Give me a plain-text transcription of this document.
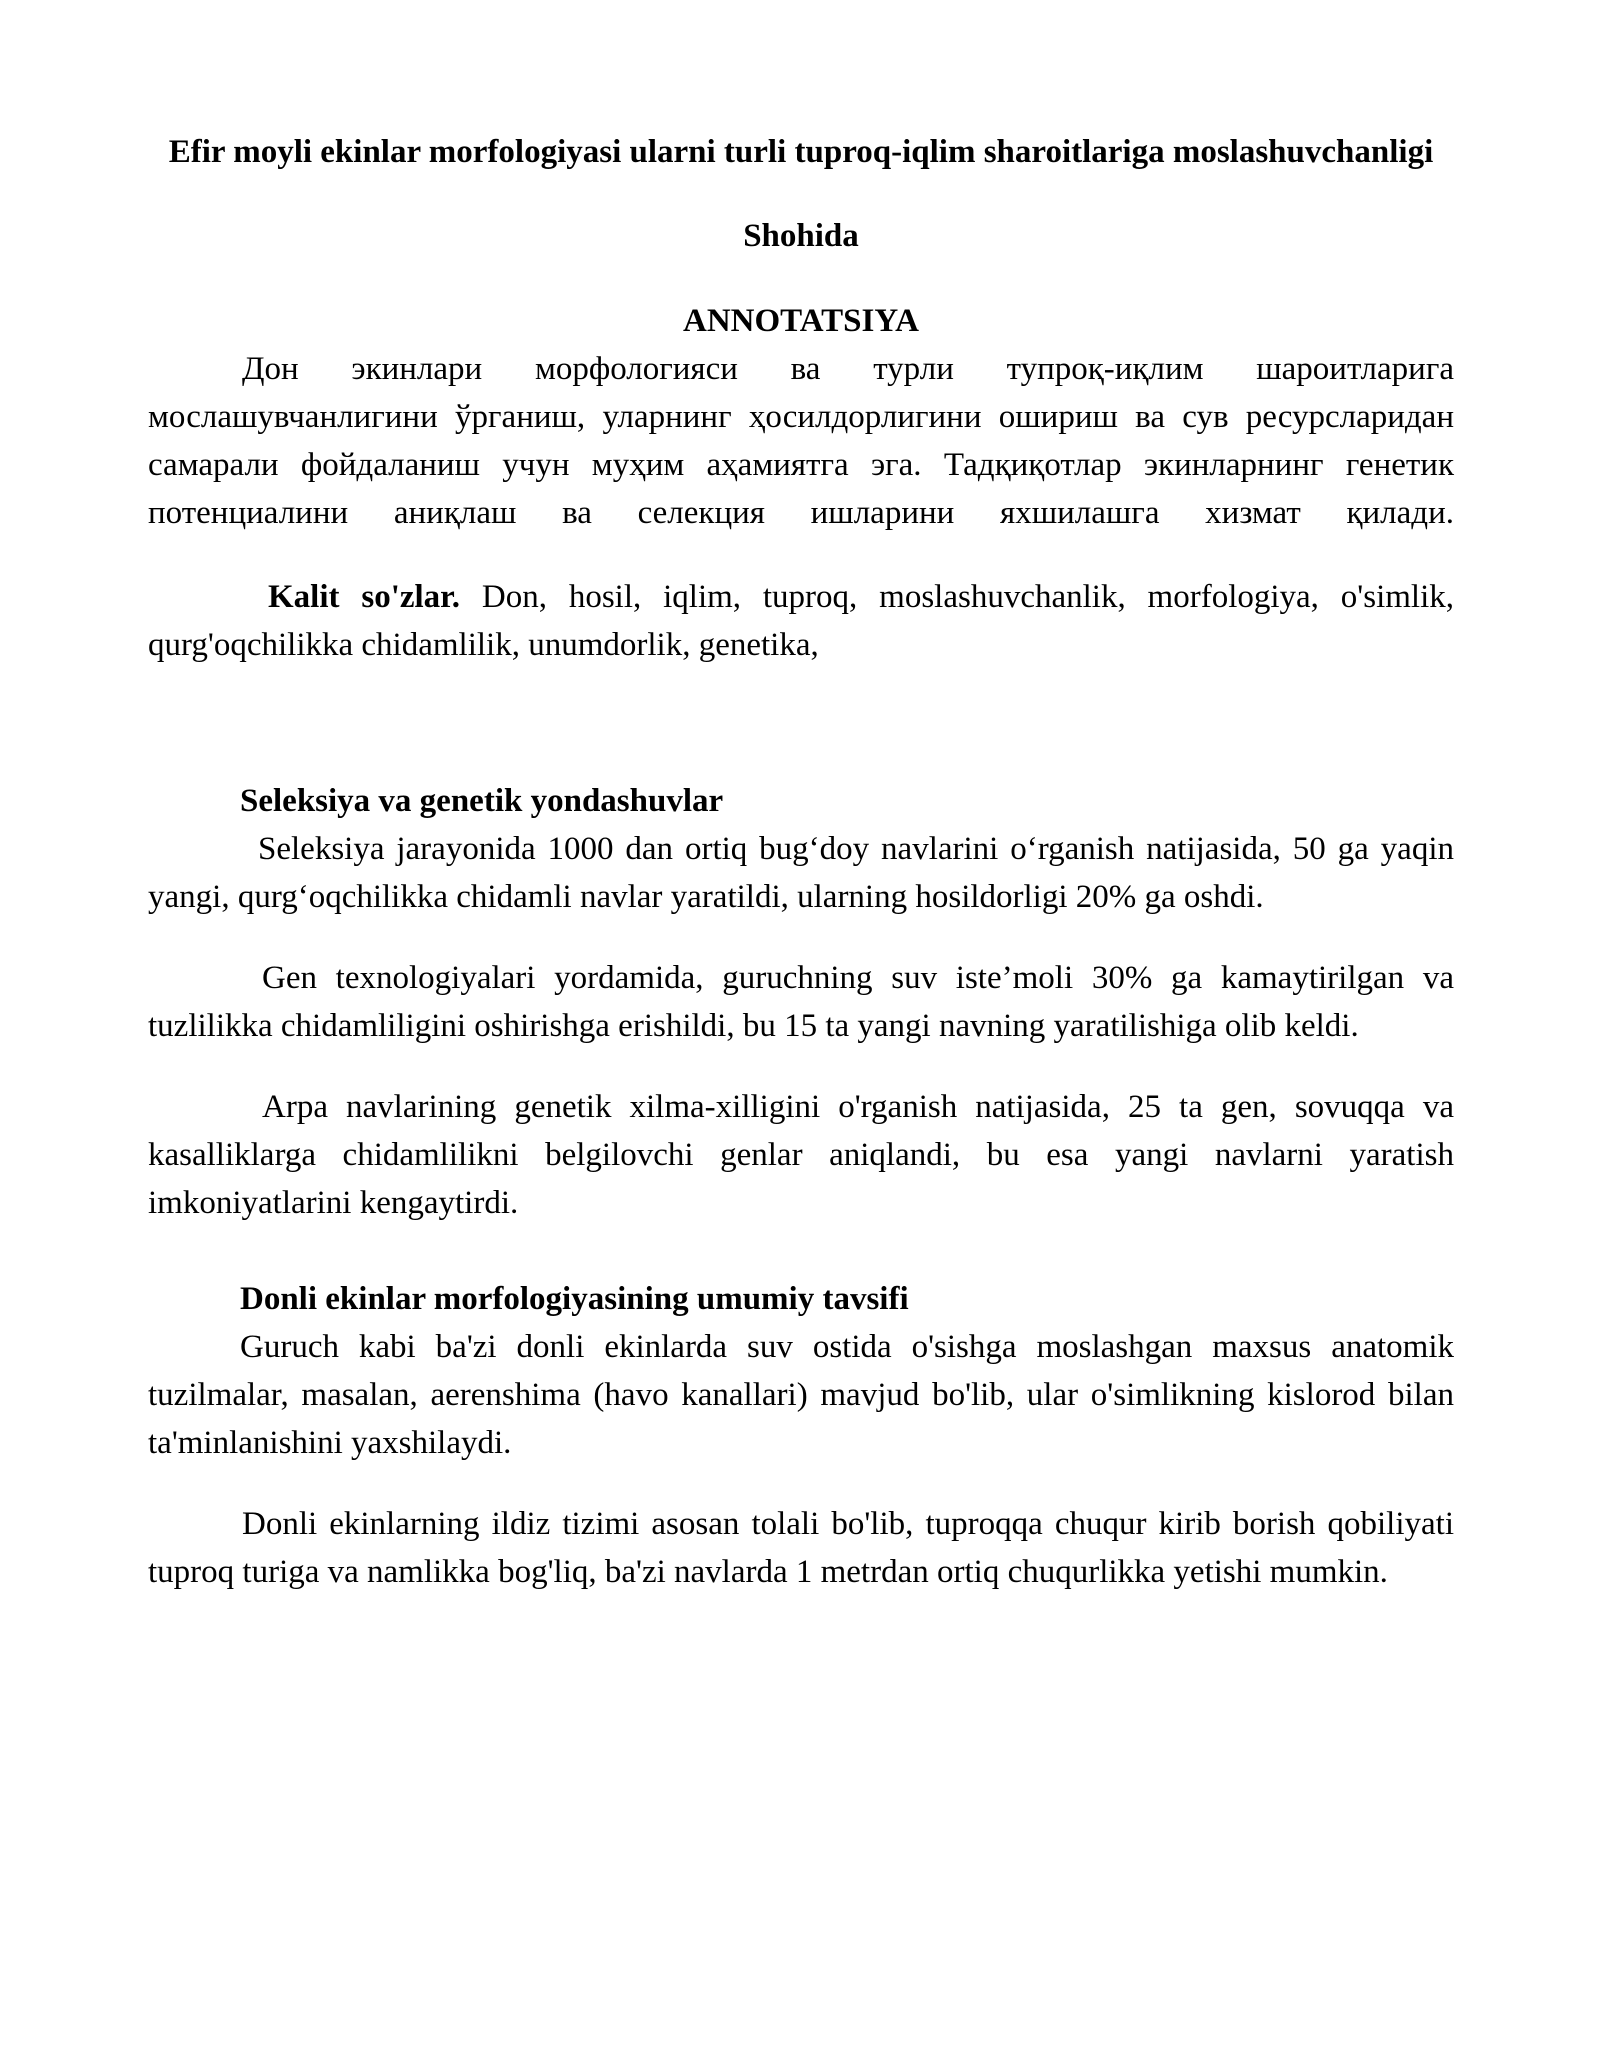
Efir moyli ekinlar morfologiyasi ularni turli tuproq-iqlim sharoitlariga moslashuvchanligi

Shohida

ANNOTATSIYA

Дон экинлари морфологияси ва турли тупроқ-иқлим шароитларига мослашувчанлигини ўрганиш, уларнинг ҳосилдорлигини ошириш ва сув ресурсларидан самарали фойдаланиш учун муҳим аҳамиятга эга. Тадқиқотлар экинларнинг генетик потенциалини аниқлаш ва селекция ишларини яхшилашга хизмат қилади.

Kalit so'zlar. Don, hosil, iqlim, tuproq, moslashuvchanlik, morfologiya, o'simlik, qurg'oqchilikka chidamlilik, unumdorlik, genetika,

Seleksiya va genetik yondashuvlar

Seleksiya jarayonida 1000 dan ortiq bug‘doy navlarini o‘rganish natijasida, 50 ga yaqin yangi, qurg‘oqchilikka chidamli navlar yaratildi, ularning hosildorligi 20% ga oshdi.

Gen texnologiyalari yordamida, guruchning suv iste’moli 30% ga kamaytirilgan va tuzlilikka chidamliligini oshirishga erishildi, bu 15 ta yangi navning yaratilishiga olib keldi.

Arpa navlarining genetik xilma-xilligini o'rganish natijasida, 25 ta gen, sovuqqa va kasalliklarga chidamlilikni belgilovchi genlar aniqlandi, bu esa yangi navlarni yaratish imkoniyatlarini kengaytirdi.

Donli ekinlar morfologiyasining umumiy tavsifi

Guruch kabi ba'zi donli ekinlarda suv ostida o'sishga moslashgan maxsus anatomik tuzilmalar, masalan, aerenshima (havo kanallari) mavjud bo'lib, ular o'simlikning kislorod bilan ta'minlanishini yaxshilaydi.

Donli ekinlarning ildiz tizimi asosan tolali bo'lib, tuproqqa chuqur kirib borish qobiliyati tuproq turiga va namlikka bog'liq, ba'zi navlarda 1 metrdan ortiq chuqurlikka yetishi mumkin.
